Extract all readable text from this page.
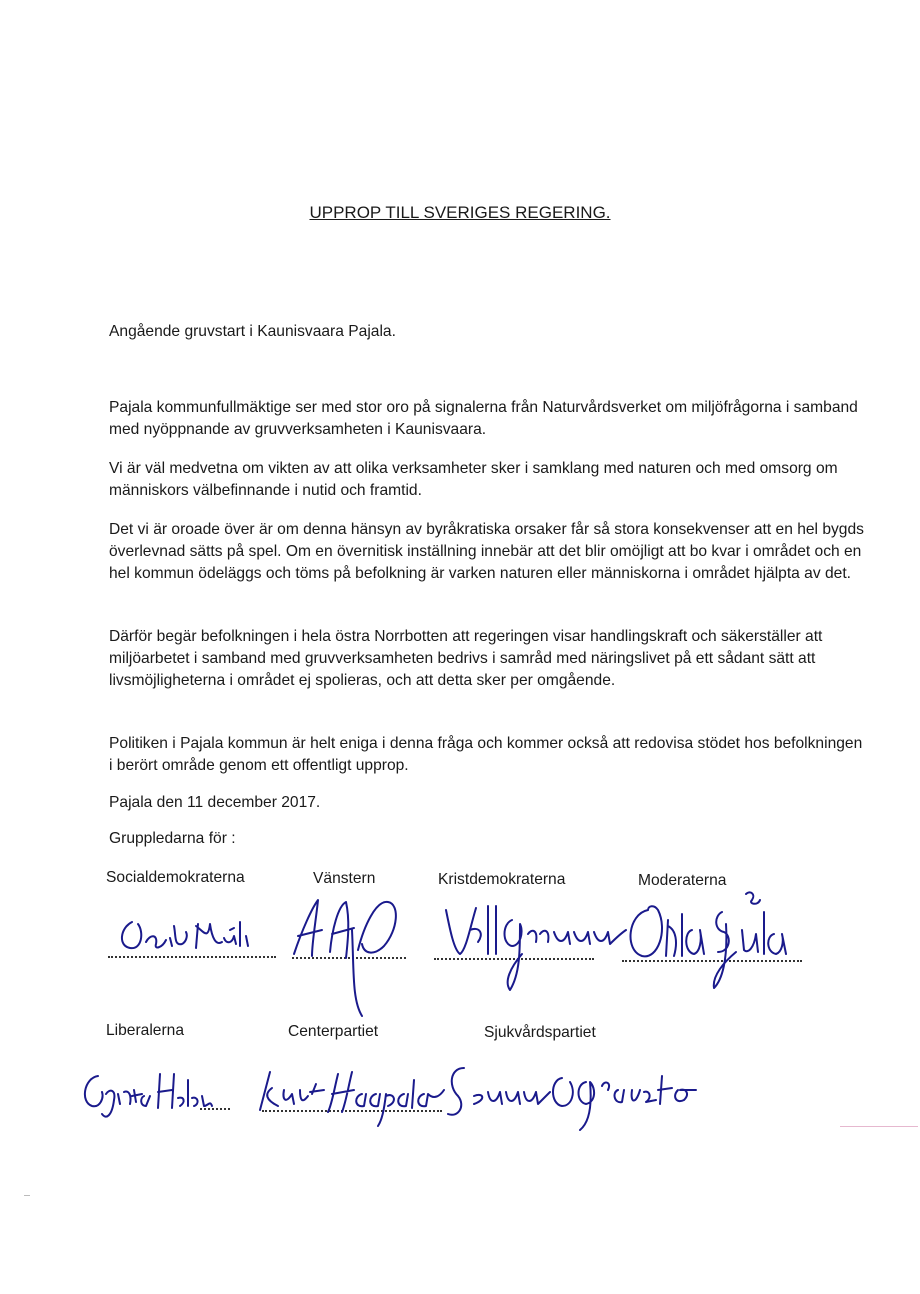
UPPROP TILL SVERIGES REGERING.

Angående gruvstart i Kaunisvaara Pajala.

Pajala kommunfullmäktige ser med stor oro på signalerna från Naturvårdsverket om miljöfrågorna i samband med nyöppnande av gruvverksamheten i Kaunisvaara.

Vi är väl medvetna om vikten av att olika verksamheter sker i samklang med naturen och med omsorg om människors välbefinnande i nutid och framtid.

Det vi är oroade över är om denna hänsyn av byråkratiska orsaker får så stora konsekvenser att en hel bygds överlevnad sätts på spel. Om en övernitisk inställning innebär att det blir omöjligt att bo kvar i området och en hel kommun ödeläggs och töms på befolkning är varken naturen eller människorna i området hjälpta av det.

Därför begär befolkningen i hela östra Norrbotten att regeringen visar handlingskraft och säkerställer att miljöarbetet i samband med gruvverksamheten bedrivs i samråd med näringslivet på ett sådant sätt att livsmöjligheterna i området ej spolieras, och att detta sker per omgående.

Politiken i Pajala kommun är helt eniga i denna fråga och kommer också att redovisa stödet hos befolkningen i berört område genom ett offentligt upprop.

Pajala den 11 december 2017.

Gruppledarna för :

Socialdemokraterna	Vänstern	Kristdemokraterna	Moderaterna
Liberalerna	Centerpartiet	Sjukvårdspartiet
